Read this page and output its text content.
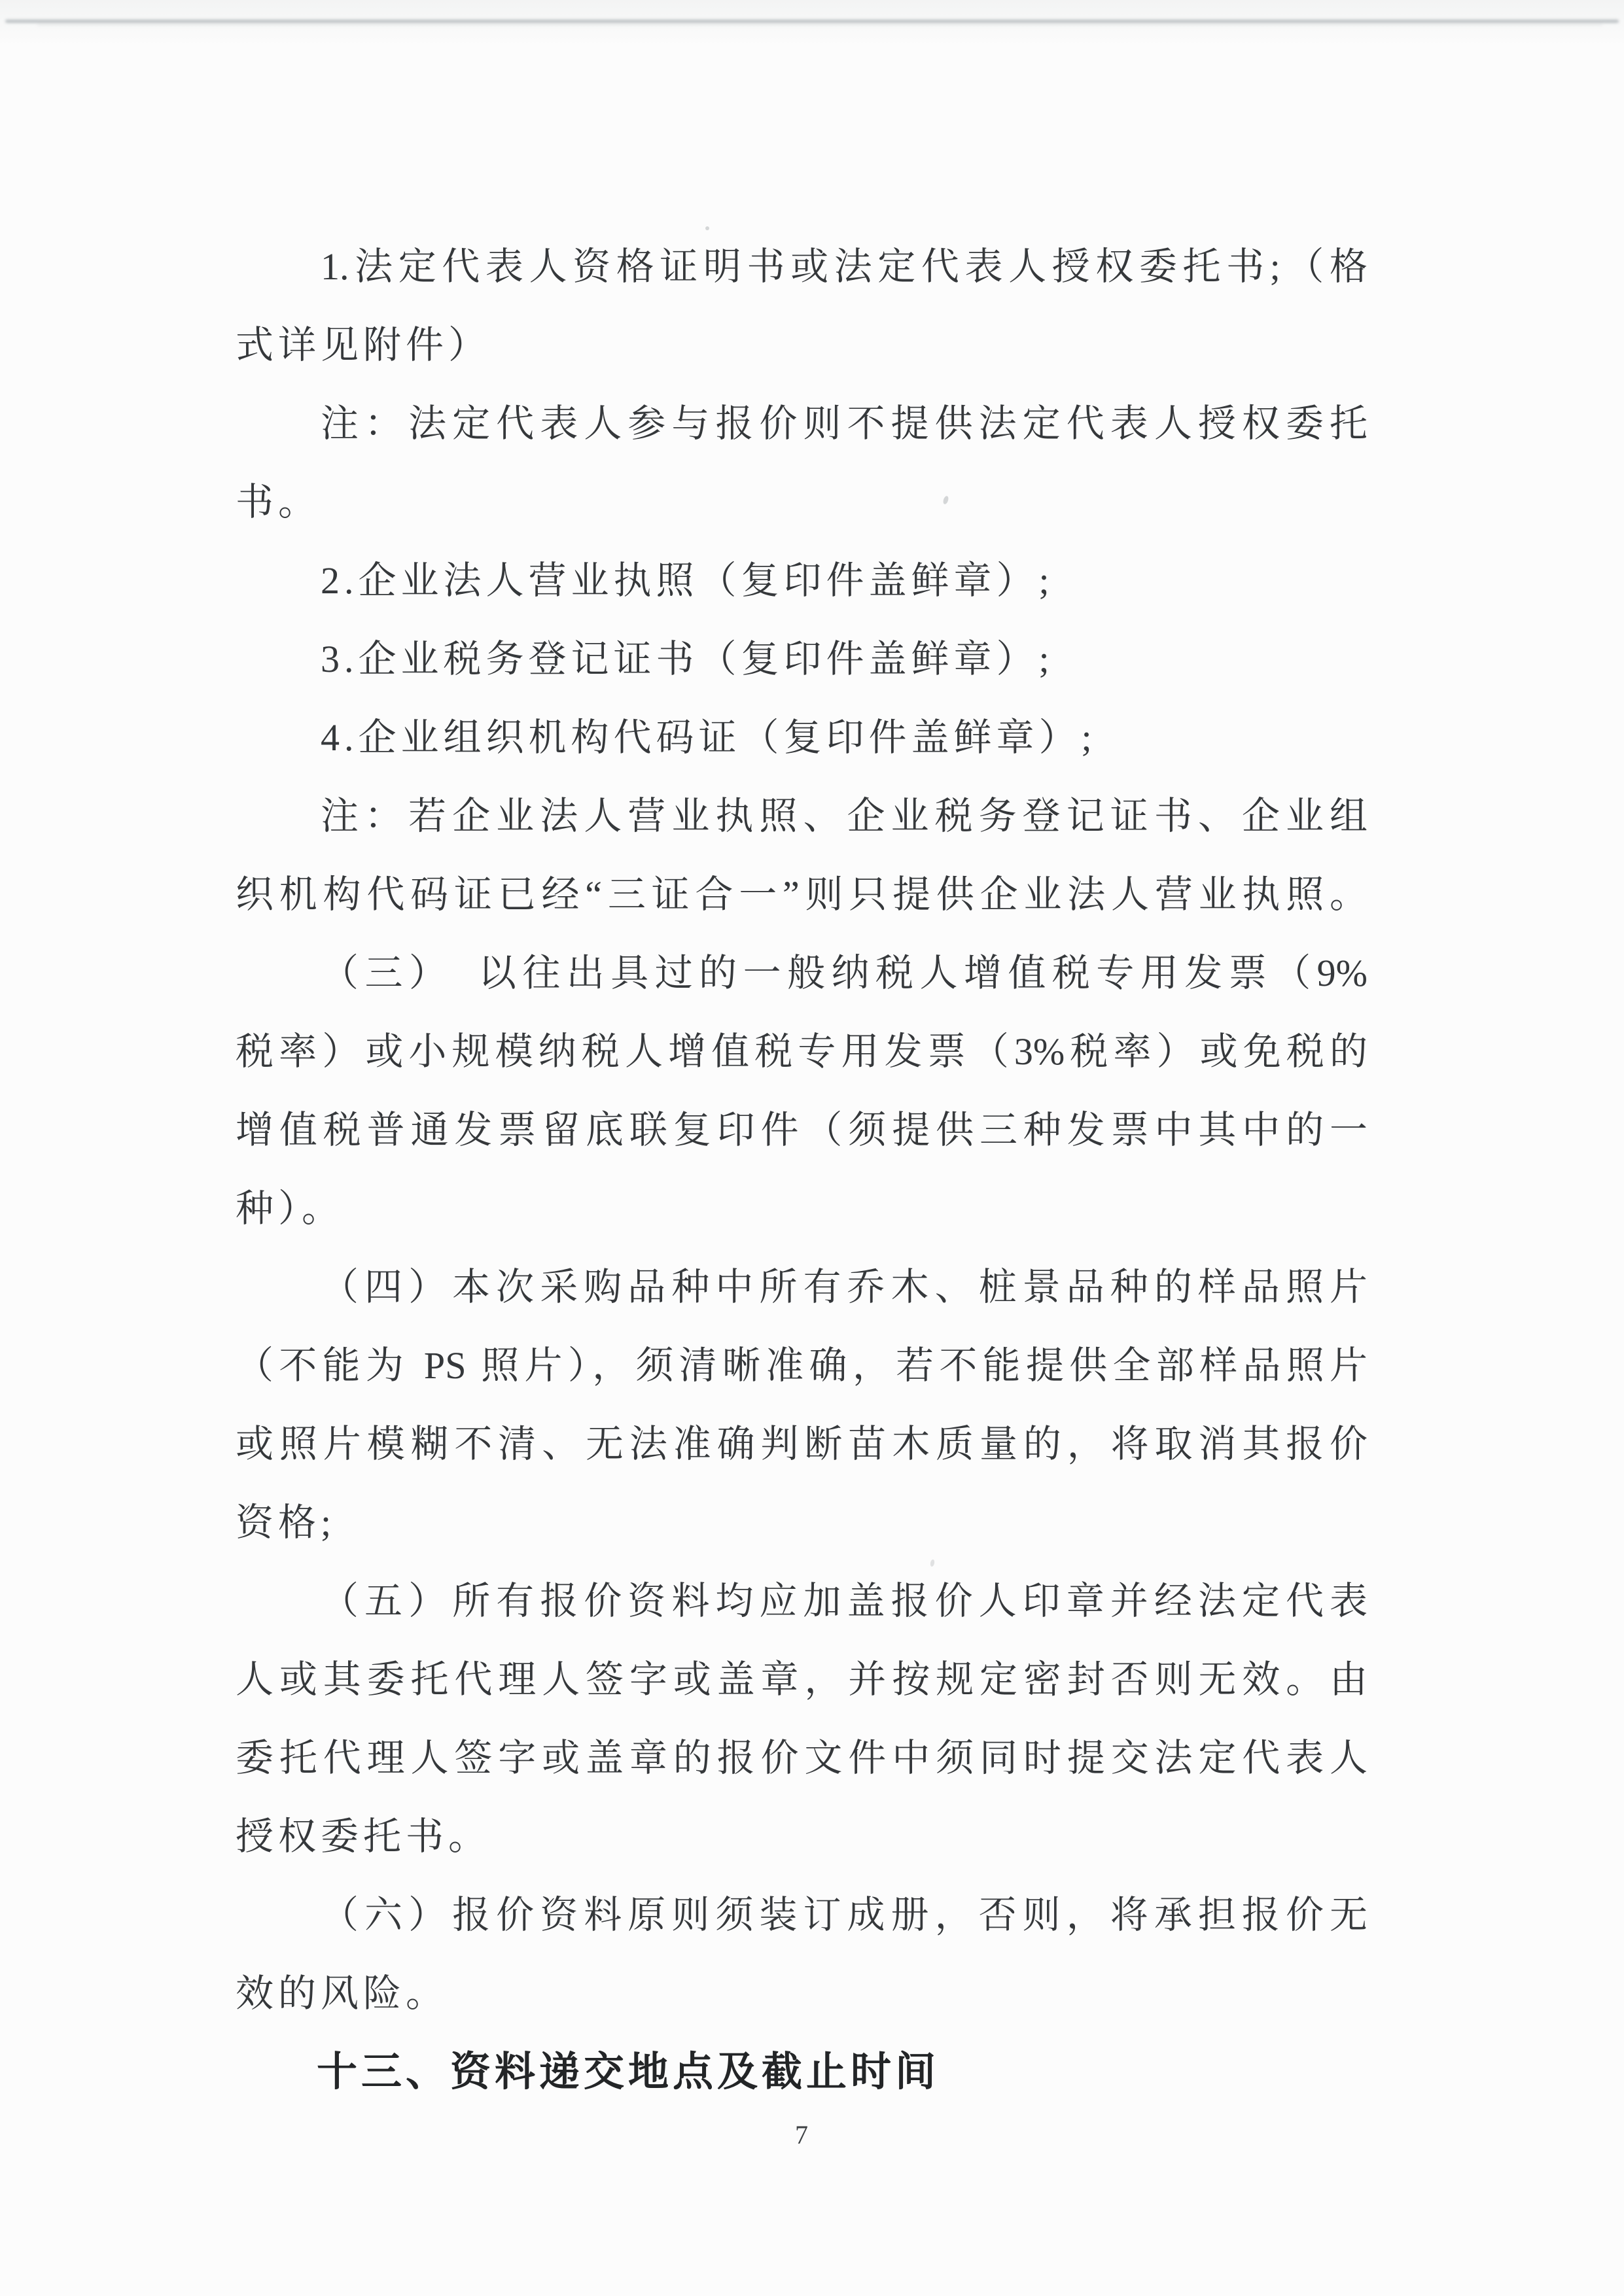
1.法定代表人资格证明书或法定代表人授权委托书;（格
式详见附件）
注：法定代表人参与报价则不提供法定代表人授权委托
书。
2.企业法人营业执照（复印件盖鲜章）;
3.企业税务登记证书（复印件盖鲜章）;
4.企业组织机构代码证（复印件盖鲜章）;
注：若企业法人营业执照、企业税务登记证书、企业组
织机构代码证已经“三证合一”则只提供企业法人营业执照。
（三）　以往出具过的一般纳税人增值税专用发票（9%
税率）或小规模纳税人增值税专用发票（3%税率）或免税的
增值税普通发票留底联复印件（须提供三种发票中其中的一
种）。
（四）本次采购品种中所有乔木、桩景品种的样品照片
（不能为 PS 照片），须清晰准确，若不能提供全部样品照片
或照片模糊不清、无法准确判断苗木质量的，将取消其报价
资格;
（五）所有报价资料均应加盖报价人印章并经法定代表
人或其委托代理人签字或盖章，并按规定密封否则无效。由
委托代理人签字或盖章的报价文件中须同时提交法定代表人
授权委托书。
（六）报价资料原则须装订成册，否则，将承担报价无
效的风险。
十三、资料递交地点及截止时间
7
